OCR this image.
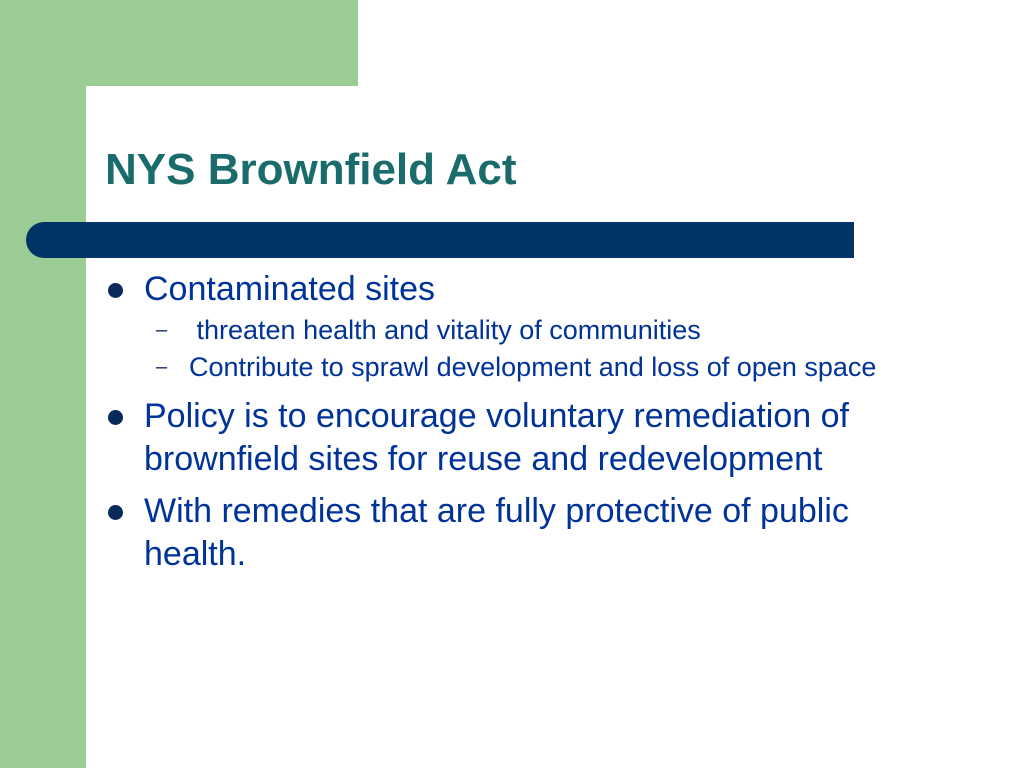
NYS Brownfield Act
Contaminated sites
– threaten health and vitality of communities
– Contribute to sprawl development and loss of open space
Policy is to encourage voluntary remediation of brownfield sites for reuse and redevelopment
With remedies that are fully protective of public health.
